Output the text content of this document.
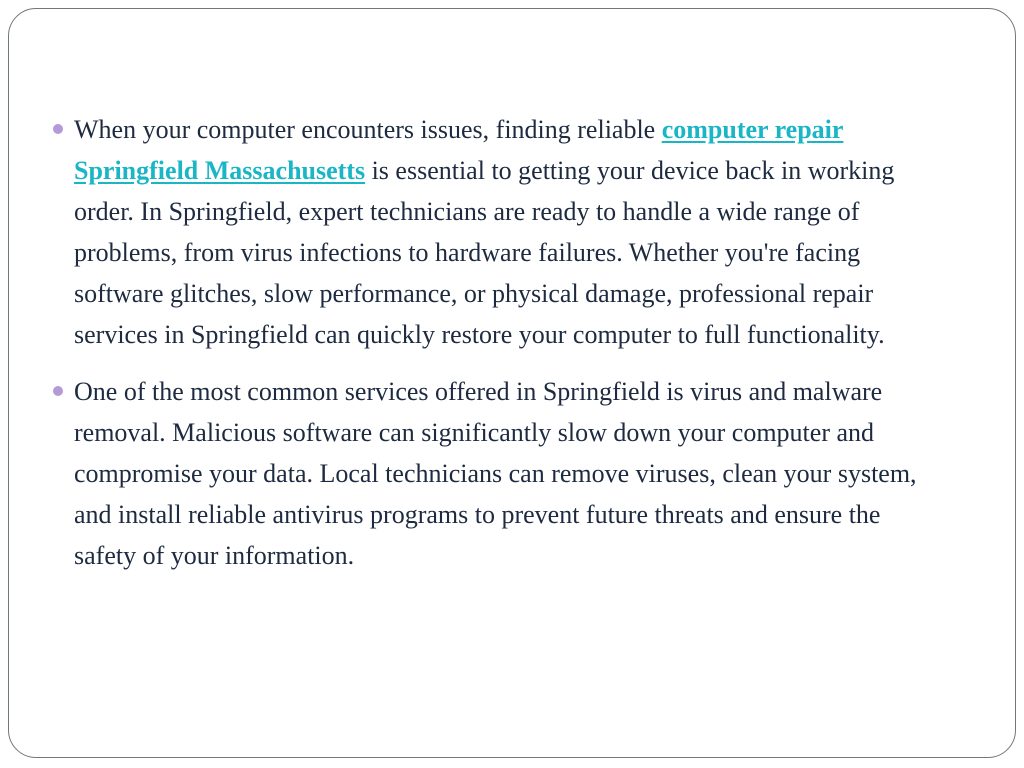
When your computer encounters issues, finding reliable computer repair Springfield Massachusetts is essential to getting your device back in working order. In Springfield, expert technicians are ready to handle a wide range of problems, from virus infections to hardware failures. Whether you're facing software glitches, slow performance, or physical damage, professional repair services in Springfield can quickly restore your computer to full functionality.

One of the most common services offered in Springfield is virus and malware removal. Malicious software can significantly slow down your computer and compromise your data. Local technicians can remove viruses, clean your system, and install reliable antivirus programs to prevent future threats and ensure the safety of your information.
